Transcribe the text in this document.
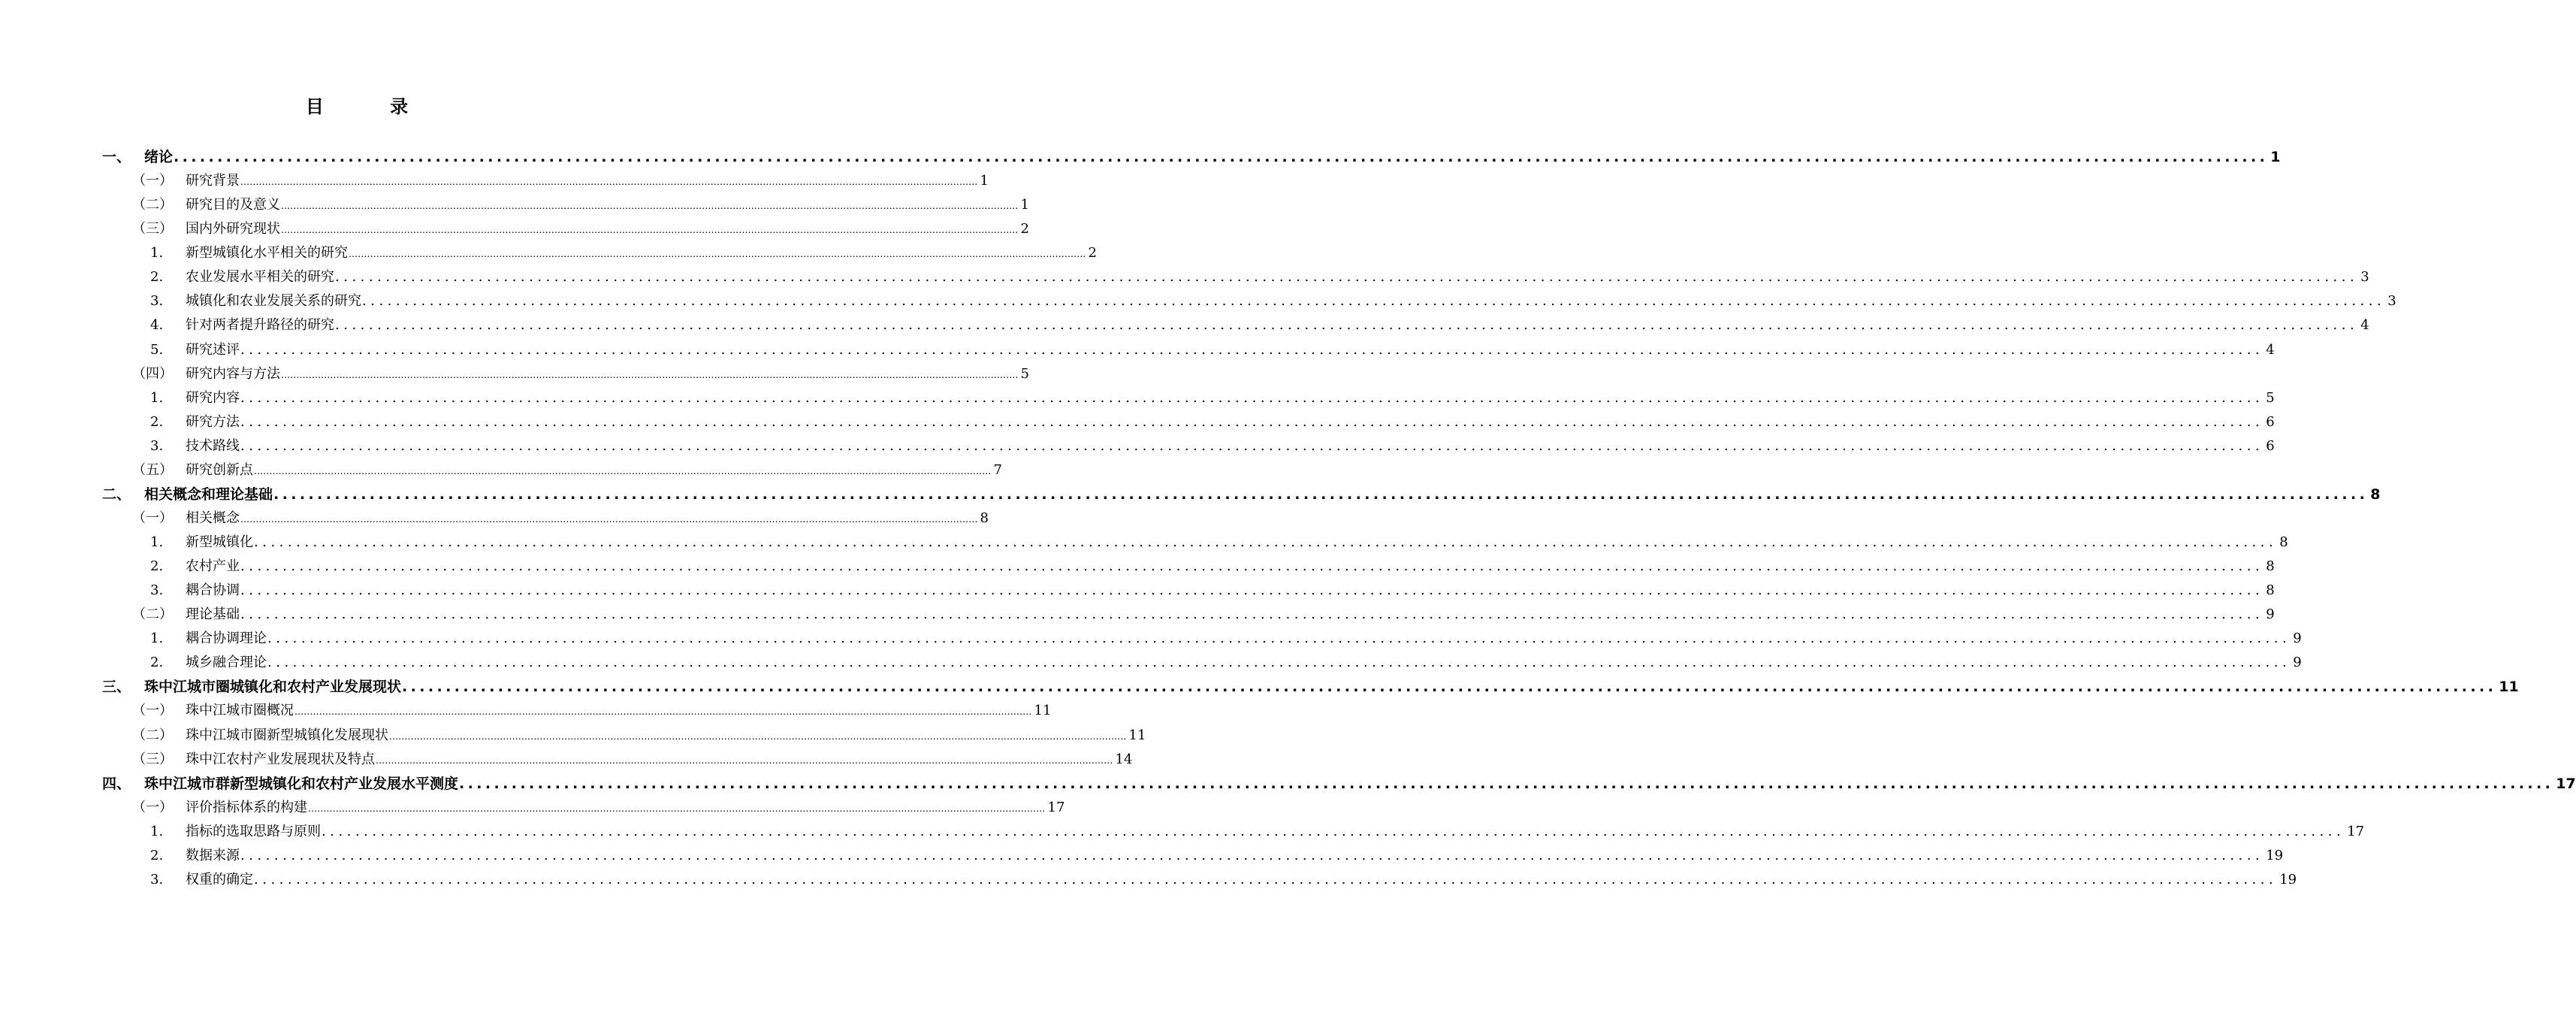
目 录
一、 绪论 ................................................................................................................................................................................................................................................ 1
（一） 研究背景 ................................................................................................................................................................................................................................................ 1
（二） 研究目的及意义 ................................................................................................................................................................................................................................................ 1
（三） 国内外研究现状 ................................................................................................................................................................................................................................................ 2
1. 新型城镇化水平相关的研究 ................................................................................................................................................................................................................................................ 2
2. 农业发展水平相关的研究 ................................................................................................................................................................................................................................................ 3
3. 城镇化和农业发展关系的研究 ................................................................................................................................................................................................................................................ 3
4. 针对两者提升路径的研究 ................................................................................................................................................................................................................................................ 4
5. 研究述评 ................................................................................................................................................................................................................................................ 4
（四） 研究内容与方法 ................................................................................................................................................................................................................................................ 5
1. 研究内容 ................................................................................................................................................................................................................................................ 5
2. 研究方法 ................................................................................................................................................................................................................................................ 6
3. 技术路线 ................................................................................................................................................................................................................................................ 6
（五） 研究创新点 ................................................................................................................................................................................................................................................ 7
二、 相关概念和理论基础 ................................................................................................................................................................................................................................................ 8
（一） 相关概念 ................................................................................................................................................................................................................................................ 8
1. 新型城镇化 ................................................................................................................................................................................................................................................ 8
2. 农村产业 ................................................................................................................................................................................................................................................ 8
3. 耦合协调 ................................................................................................................................................................................................................................................ 8
（二） 理论基础 ................................................................................................................................................................................................................................................ 9
1. 耦合协调理论 ................................................................................................................................................................................................................................................ 9
2. 城乡融合理论 ................................................................................................................................................................................................................................................ 9
三、 珠中江城市圈城镇化和农村产业发展现状 ................................................................................................................................................................................................................................................ 11
（一） 珠中江城市圈概况 ................................................................................................................................................................................................................................................ 11
（二） 珠中江城市圈新型城镇化发展现状 ................................................................................................................................................................................................................................................ 11
（三） 珠中江农村产业发展现状及特点 ................................................................................................................................................................................................................................................ 14
四、 珠中江城市群新型城镇化和农村产业发展水平测度 ................................................................................................................................................................................................................................................ 17
（一） 评价指标体系的构建 ................................................................................................................................................................................................................................................ 17
1. 指标的选取思路与原则 ................................................................................................................................................................................................................................................ 17
2. 数据来源 ................................................................................................................................................................................................................................................ 19
3. 权重的确定 ................................................................................................................................................................................................................................................ 19
